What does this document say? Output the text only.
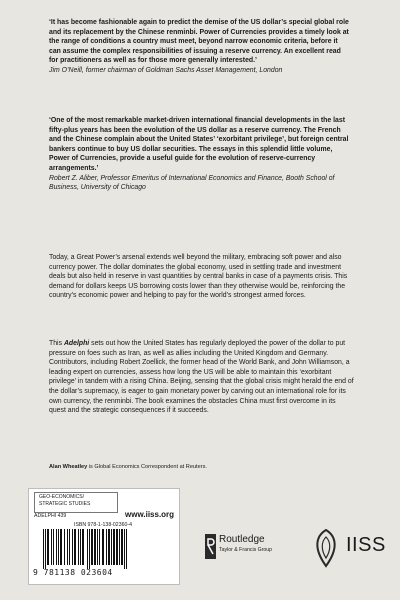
‘It has become fashionable again to predict the demise of the US dollar’s special global role and its replacement by the Chinese renminbi. Power of Currencies provides a timely look at the range of conditions a country must meet, beyond narrow economic criteria, before it can assume the complex responsibilities of issuing a reserve currency. An excellent read for practitioners as well as for those more generally interested.’

Jim O’Neill, former chairman of Goldman Sachs Asset Management, London

‘One of the most remarkable market-driven international financial developments in the last fifty-plus years has been the evolution of the US dollar as a reserve currency. The French and the Chinese complain about the United States’ ‘exorbitant privilege’, but foreign central bankers continue to buy US dollar securities. The essays in this splendid little volume, Power of Currencies, provide a useful guide for the evolution of reserve-currency arrangements.’

Robert Z. Aliber, Professor Emeritus of International Economics and Finance, Booth School of Business, University of Chicago

Today, a Great Power’s arsenal extends well beyond the military, embracing soft power and also currency power. The dollar dominates the global economy, used in settling trade and investment deals but also held in reserve in vast quantities by central banks in case of a payments crisis. This demand for dollars keeps US borrowing costs lower than they otherwise would be, reinforcing the country’s economic power and helping to pay for the world’s strongest armed forces.

This Adelphi sets out how the United States has regularly deployed the power of the dollar to put pressure on foes such as Iran, as well as allies including the United Kingdom and Germany. Contributors, including Robert Zoellick, the former head of the World Bank, and John Williamson, a leading expert on currencies, assess how long the US will be able to maintain this ‘exorbitant privilege’ in tandem with a rising China. Beijing, sensing that the global crisis might herald the end of the dollar’s supremacy, is eager to gain monetary power by carving out an international role for its own currency, the renminbi. The book examines the obstacles China must first overcome in its quest and the strategic consequences if it succeeds.

Alan Wheatley is Global Economics Correspondent at Reuters.
GEO-ECONOMICS/
STRATEGIC STUDIES
ADELPHI 439	www.iiss.org
ISBN 978-1-138-02360-4
9 781138 023604
Routledge
Taylor & Francis Group	IISS
